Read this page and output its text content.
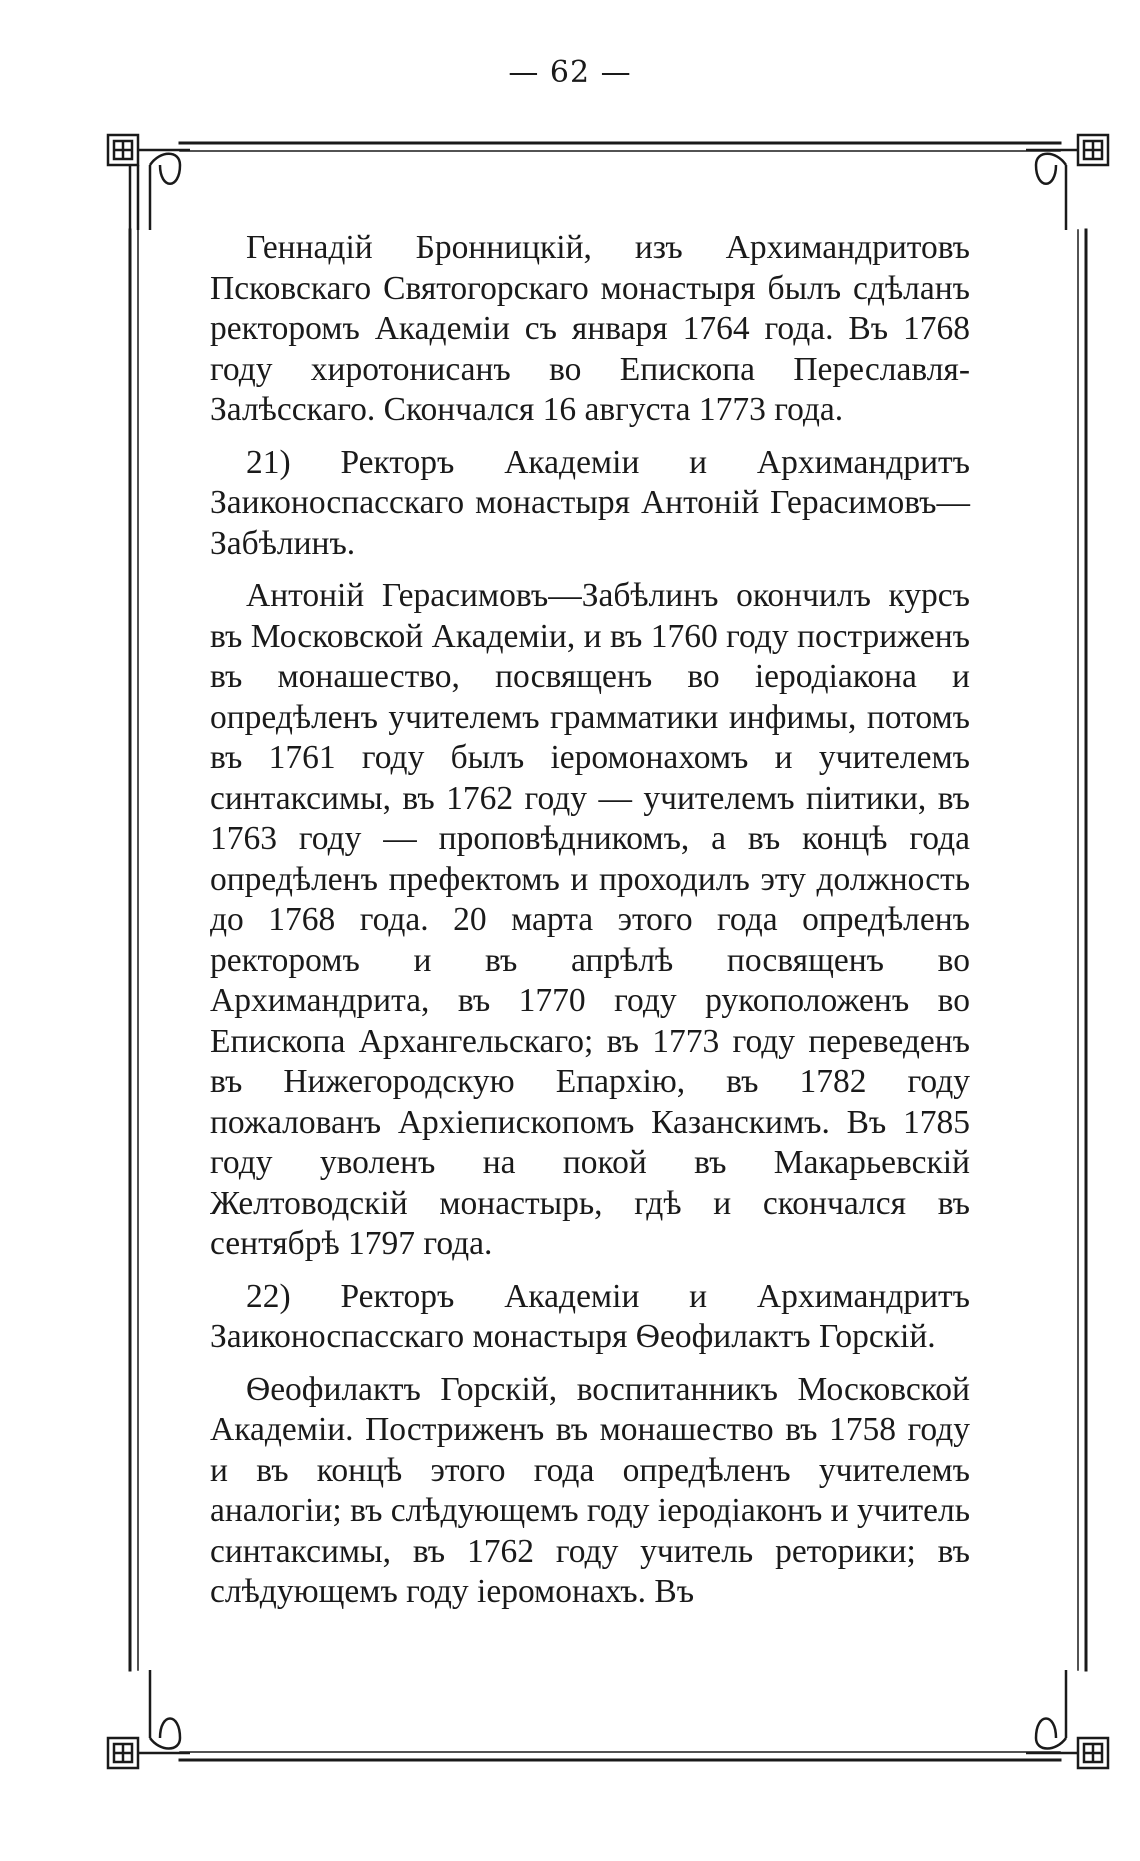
— 62 —

Геннадій Бронницкій, изъ Архимандритовъ Псковскаго Святогорскаго монастыря былъ сдѣланъ ректоромъ Академіи съ января 1764 года. Въ 1768 году хиротонисанъ во Епископа Переславля-Залѣсскаго. Скончался 16 августа 1773 года.

21) Ректоръ Академіи и Архимандритъ Заиконоспасскаго монастыря Антоній Герасимовъ—Забѣлинъ.

Антоній Герасимовъ—Забѣлинъ окончилъ курсъ въ Московской Академіи, и въ 1760 году постриженъ въ монашество, посвященъ во іеродіакона и опредѣленъ учителемъ грамматики инфимы, потомъ въ 1761 году былъ іеромонахомъ и учителемъ синтаксимы, въ 1762 году — учителемъ піитики, въ 1763 году — проповѣдникомъ, а въ концѣ года опредѣленъ префектомъ и проходилъ эту должность до 1768 года. 20 марта этого года опредѣленъ ректоромъ и въ апрѣлѣ посвященъ во Архимандрита, въ 1770 году рукоположенъ во Епископа Архангельскаго; въ 1773 году переведенъ въ Нижегородскую Епархію, въ 1782 году пожалованъ Архіепископомъ Казанскимъ. Въ 1785 году уволенъ на покой въ Макарьевскій Желтоводскій монастырь, гдѣ и скончался въ сентябрѣ 1797 года.

22) Ректоръ Академіи и Архимандритъ Заиконоспасскаго монастыря Ѳеофилактъ Горскій.

Ѳеофилактъ Горскій, воспитанникъ Московской Академіи. Постриженъ въ монашество въ 1758 году и въ концѣ этого года опредѣленъ учителемъ аналогіи; въ слѣдующемъ году іеродіаконъ и учитель синтаксимы, въ 1762 году учитель реторики; въ слѣдующемъ году іеромонахъ. Въ
